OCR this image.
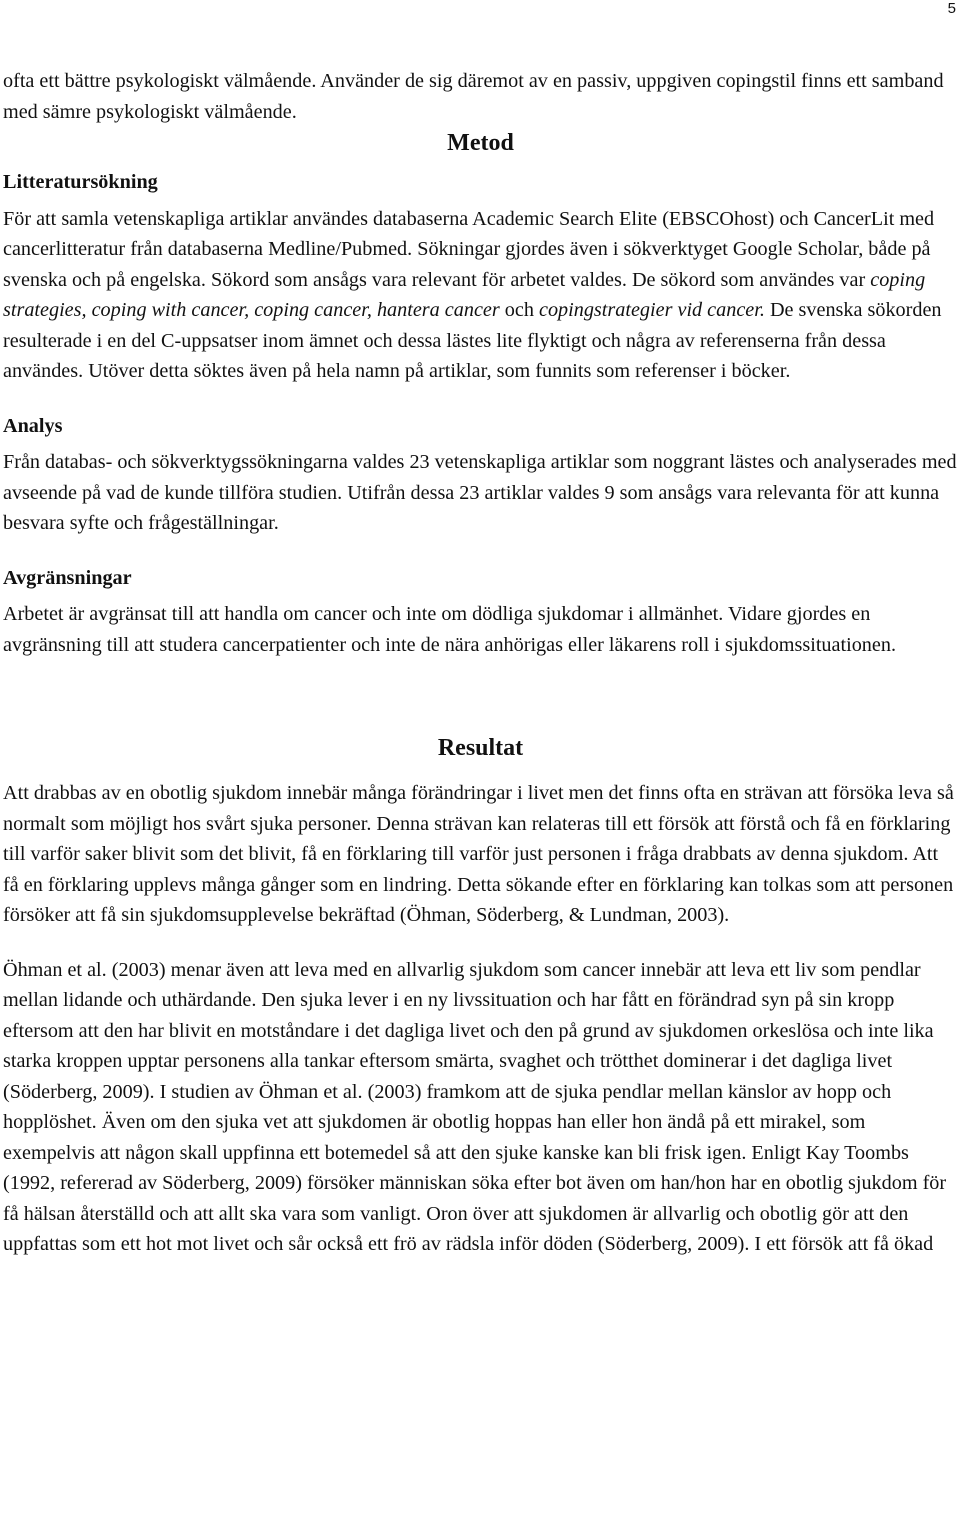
5

ofta ett bättre psykologiskt välmående. Använder de sig däremot av en passiv, uppgiven copingstil finns ett samband med sämre psykologiskt välmående.

Metod
Litteratursökning

För att samla vetenskapliga artiklar användes databaserna Academic Search Elite (EBSCOhost) och CancerLit med cancerlitteratur från databaserna Medline/Pubmed. Sökningar gjordes även i sökverktyget Google Scholar, både på svenska och på engelska. Sökord som ansågs vara relevant för arbetet valdes. De sökord som användes var coping strategies, coping with cancer, coping cancer, hantera cancer och copingstrategier vid cancer. De svenska sökorden resulterade i en del C-uppsatser inom ämnet och dessa lästes lite flyktigt och några av referenserna från dessa användes. Utöver detta söktes även på hela namn på artiklar, som funnits som referenser i böcker.

Analys

Från databas- och sökverktygssökningarna valdes 23 vetenskapliga artiklar som noggrant lästes och analyserades med avseende på vad de kunde tillföra studien. Utifrån dessa 23 artiklar valdes 9 som ansågs vara relevanta för att kunna besvara syfte och frågeställningar.

Avgränsningar

Arbetet är avgränsat till att handla om cancer och inte om dödliga sjukdomar i allmänhet. Vidare gjordes en avgränsning till att studera cancerpatienter och inte de nära anhörigas eller läkarens roll i sjukdomssituationen.

Resultat

Att drabbas av en obotlig sjukdom innebär många förändringar i livet men det finns ofta en strävan att försöka leva så normalt som möjligt hos svårt sjuka personer. Denna strävan kan relateras till ett försök att förstå och få en förklaring till varför saker blivit som det blivit, få en förklaring till varför just personen i fråga drabbats av denna sjukdom. Att få en förklaring upplevs många gånger som en lindring. Detta sökande efter en förklaring kan tolkas som att personen försöker att få sin sjukdomsupplevelse bekräftad (Öhman, Söderberg, & Lundman, 2003).

Öhman et al. (2003) menar även att leva med en allvarlig sjukdom som cancer innebär att leva ett liv som pendlar mellan lidande och uthärdande. Den sjuka lever i en ny livssituation och har fått en förändrad syn på sin kropp eftersom att den har blivit en motståndare i det dagliga livet och den på grund av sjukdomen orkeslösa och inte lika starka kroppen upptar personens alla tankar eftersom smärta, svaghet och trötthet dominerar i det dagliga livet (Söderberg, 2009). I studien av Öhman et al. (2003) framkom att de sjuka pendlar mellan känslor av hopp och hopplöshet. Även om den sjuka vet att sjukdomen är obotlig hoppas han eller hon ändå på ett mirakel, som exempelvis att någon skall uppfinna ett botemedel så att den sjuke kanske kan bli frisk igen. Enligt Kay Toombs (1992, refererad av Söderberg, 2009) försöker människan söka efter bot även om han/hon har en obotlig sjukdom för få hälsan återställd och att allt ska vara som vanligt. Oron över att sjukdomen är allvarlig och obotlig gör att den uppfattas som ett hot mot livet och sår också ett frö av rädsla inför döden (Söderberg, 2009). I ett försök att få ökad
